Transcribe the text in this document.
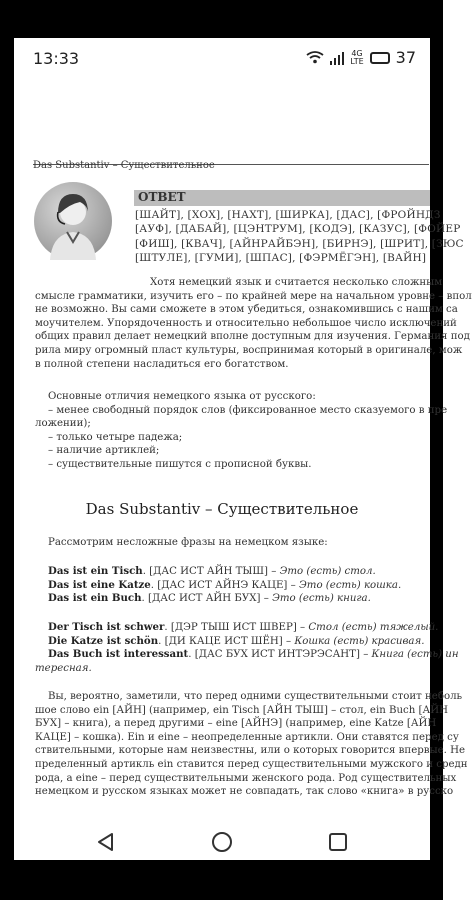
13:33	4G
LTE 37
Das Substantiv – Существительное
ОТВЕТ
[ШАЙТ], [ХОХ], [НАХТ], [ШИРКА], [ДАС], [ФРОЙНДЗ
[АУФ], [ДАБАЙ], [ЦЭНТРУМ], [КОДЭ], [КАЗУС], [ФОЙЕР
[ФИШ], [КВАЧ], [АЙНРАЙБЭН], [БИРНЭ], [ШРИТ], [ЗЮС
[ШТУЛЕ], [ГУМИ], [ШПАС], [ФЭРМЁГЭН], [ВАЙН]
Хотя немецкий язык и считается несколько сложным
смысле грамматики, изучить его – по крайней мере на начальном уровне – впол
не возможно. Вы сами сможете в этом убедиться, ознакомившись с нашим са
моучителем. Упорядоченность и относительно небольшое число исключений
общих правил делает немецкий вполне доступным для изучения. Германия под
рила миру огромный пласт культуры, воспринимая который в оригинале, мож
в полной степени насладиться его богатством.
Основные отличия немецкого языка от русского:
– менее свободный порядок слов (фиксированное место сказуемого в пре
ложении);
– только четыре падежа;
– наличие артиклей;
– существительные пишутся с прописной буквы.
Das Substantiv – Существительное
Рассмотрим несложные фразы на немецком языке:
Das ist ein Tisch. [ДАС ИСТ АЙН ТЫШ] – Это (есть) стол.
Das ist eine Katze. [ДАС ИСТ АЙНЭ КАЦЕ] – Это (есть) кошка.
Das ist ein Buch. [ДАС ИСТ АЙН БУХ] – Это (есть) книга.
Der Tisch ist schwer. [ДЭР ТЫШ ИСТ ШВЕР] – Стол (есть) тяжелый.
Die Katze ist schön. [ДИ КАЦЕ ИСТ ШЁН] – Кошка (есть) красивая.
Das Buch ist interessant. [ДАС БУХ ИСТ ИНТЭРЭСАНТ] – Книга (есть) ин
тересная.
Вы, вероятно, заметили, что перед одними существительными стоит неболь
шое слово ein [АЙН] (например, ein Tisch [АЙН ТЫШ] – стол, ein Buch [АЙН
БУХ] – книга), а перед другими – eine [АЙНЭ] (например, eine Katze [АЙН
КАЦЕ] – кошка). Ein и eine – неопределенные артикли. Они ставятся перед су
ствительными, которые нам неизвестны, или о которых говорится впервые. Не
пределенный артикль ein ставится перед существительными мужского и средн
рода, а eine – перед существительными женского рода. Род существительных
немецком и русском языках может не совпадать, так слово «книга» в русско
